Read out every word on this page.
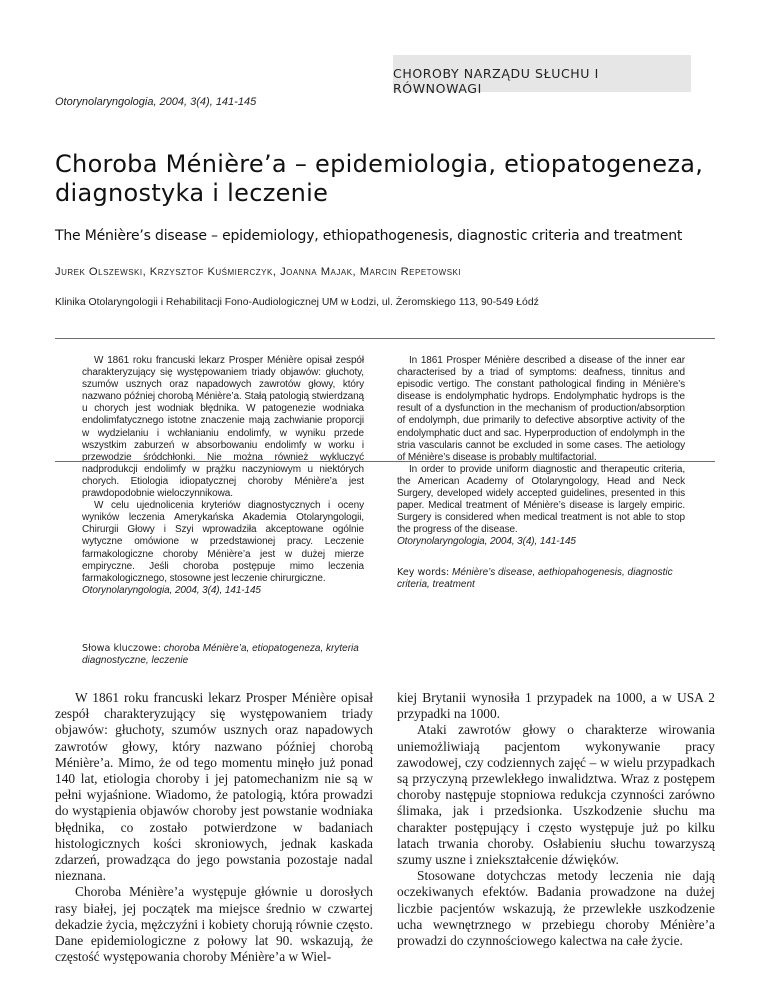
CHOROBY NARZĄDU SŁUCHU I RÓWNOWAGI
Otorynolaryngologia, 2004, 3(4), 141-145
Choroba Ménière’a – epidemiologia, etiopatogeneza, diagnostyka i leczenie
The Ménière’s disease – epidemiology, ethiopathogenesis, diagnostic criteria and treatment
Jurek Olszewski, Krzysztof Kuśmierczyk, Joanna Majak, Marcin Repetowski
Klinika Otolaryngologii i Rehabilitacji Fono-Audiologicznej UM w Łodzi, ul. Żeromskiego 113, 90-549 Łódź

W 1861 roku francuski lekarz Prosper Ménière opisał zespół charakteryzujący się występowaniem triady objawów: głuchoty, szumów usznych oraz napadowych zawrotów głowy, który nazwano później chorobą Ménière’a. Stałą patologią stwierdzaną u chorych jest wodniak błędnika. W patogenezie wodniaka endolimfatycznego istotne znaczenie mają zachwianie proporcji w wydzielaniu i wchłanianiu endolimfy, w wyniku przede wszystkim zaburzeń w absorbowaniu endolimfy w worku i przewodzie śródchłonki. Nie można również wykluczyć nadprodukcji endolimfy w prążku naczyniowym u niektórych chorych. Etiologia idiopatycznej choroby Ménière’a jest prawdopodobnie wieloczynnikowa.

W celu ujednolicenia kryteriów diagnostycznych i oceny wyników leczenia Amerykańska Akademia Otolaryngologii, Chirurgii Głowy i Szyi wprowadziła akceptowane ogólnie wytyczne omówione w przedstawionej pracy. Leczenie farmakologiczne choroby Ménière’a jest w dużej mierze empiryczne. Jeśli choroba postępuje mimo leczenia farmakologicznego, stosowne jest leczenie chirurgiczne.

Otorynolaryngologia, 2004, 3(4), 141-145

In 1861 Prosper Ménière described a disease of the inner ear characterised by a triad of symptoms: deafness, tinnitus and episodic vertigo. The constant pathological finding in Ménière’s disease is endolymphatic hydrops. Endolymphatic hydrops is the result of a dysfunction in the mechanism of production/absorption of endolymph, due primarily to defective absorptive activity of the endolymphatic duct and sac. Hyperproduction of endolymph in the stria vascularis cannot be excluded in some cases. The aetiology of Ménière’s disease is probably multifactorial.

In order to provide uniform diagnostic and therapeutic criteria, the American Academy of Otolaryngology, Head and Neck Surgery, developed widely accepted guidelines, presented in this paper. Medical treatment of Ménière’s disease is largely empiric. Surgery is considered when medical treatment is not able to stop the progress of the disease.

Otorynolaryngologia, 2004, 3(4), 141-145

Key words: Ménière’s disease, aethiopahogenesis, diagnostic criteria, treatment
Słowa kluczowe: choroba Ménière’a, etiopatogeneza, kryteria diagnostyczne, leczenie

W 1861 roku francuski lekarz Prosper Ménière opisał zespół charakteryzujący się występowaniem triady objawów: głuchoty, szumów usznych oraz napadowych zawrotów głowy, który nazwano później chorobą Ménière’a. Mimo, że od tego momentu minęło już ponad 140 lat, etiologia choroby i jej patomechanizm nie są w pełni wyjaśnione. Wiadomo, że patologią, która prowadzi do wystąpienia objawów choroby jest powstanie wodniaka błędnika, co zostało potwierdzone w badaniach histologicznych kości skroniowych, jednak kaskada zdarzeń, prowadząca do jego powstania pozostaje nadal nieznana.

Choroba Ménière’a występuje głównie u dorosłych rasy białej, jej początek ma miejsce średnio w czwartej dekadzie życia, mężczyźni i kobiety chorują równie często. Dane epidemiologiczne z połowy lat 90. wskazują, że częstość występowania choroby Ménière’a w Wiel-

kiej Brytanii wynosiła 1 przypadek na 1000, a w USA 2 przypadki na 1000.

Ataki zawrotów głowy o charakterze wirowania uniemożliwiają pacjentom wykonywanie pracy zawodowej, czy codziennych zajęć – w wielu przypadkach są przyczyną przewlekłego inwalidztwa. Wraz z postępem choroby następuje stopniowa redukcja czynności zarówno ślimaka, jak i przedsionka. Uszkodzenie słuchu ma charakter postępujący i często występuje już po kilku latach trwania choroby. Osłabieniu słuchu towarzyszą szumy uszne i zniekształcenie dźwięków.

Stosowane dotychczas metody leczenia nie dają oczekiwanych efektów. Badania prowadzone na dużej liczbie pacjentów wskazują, że przewlekłe uszkodzenie ucha wewnętrznego w przebiegu choroby Ménière’a prowadzi do czynnościowego kalectwa na całe życie.
